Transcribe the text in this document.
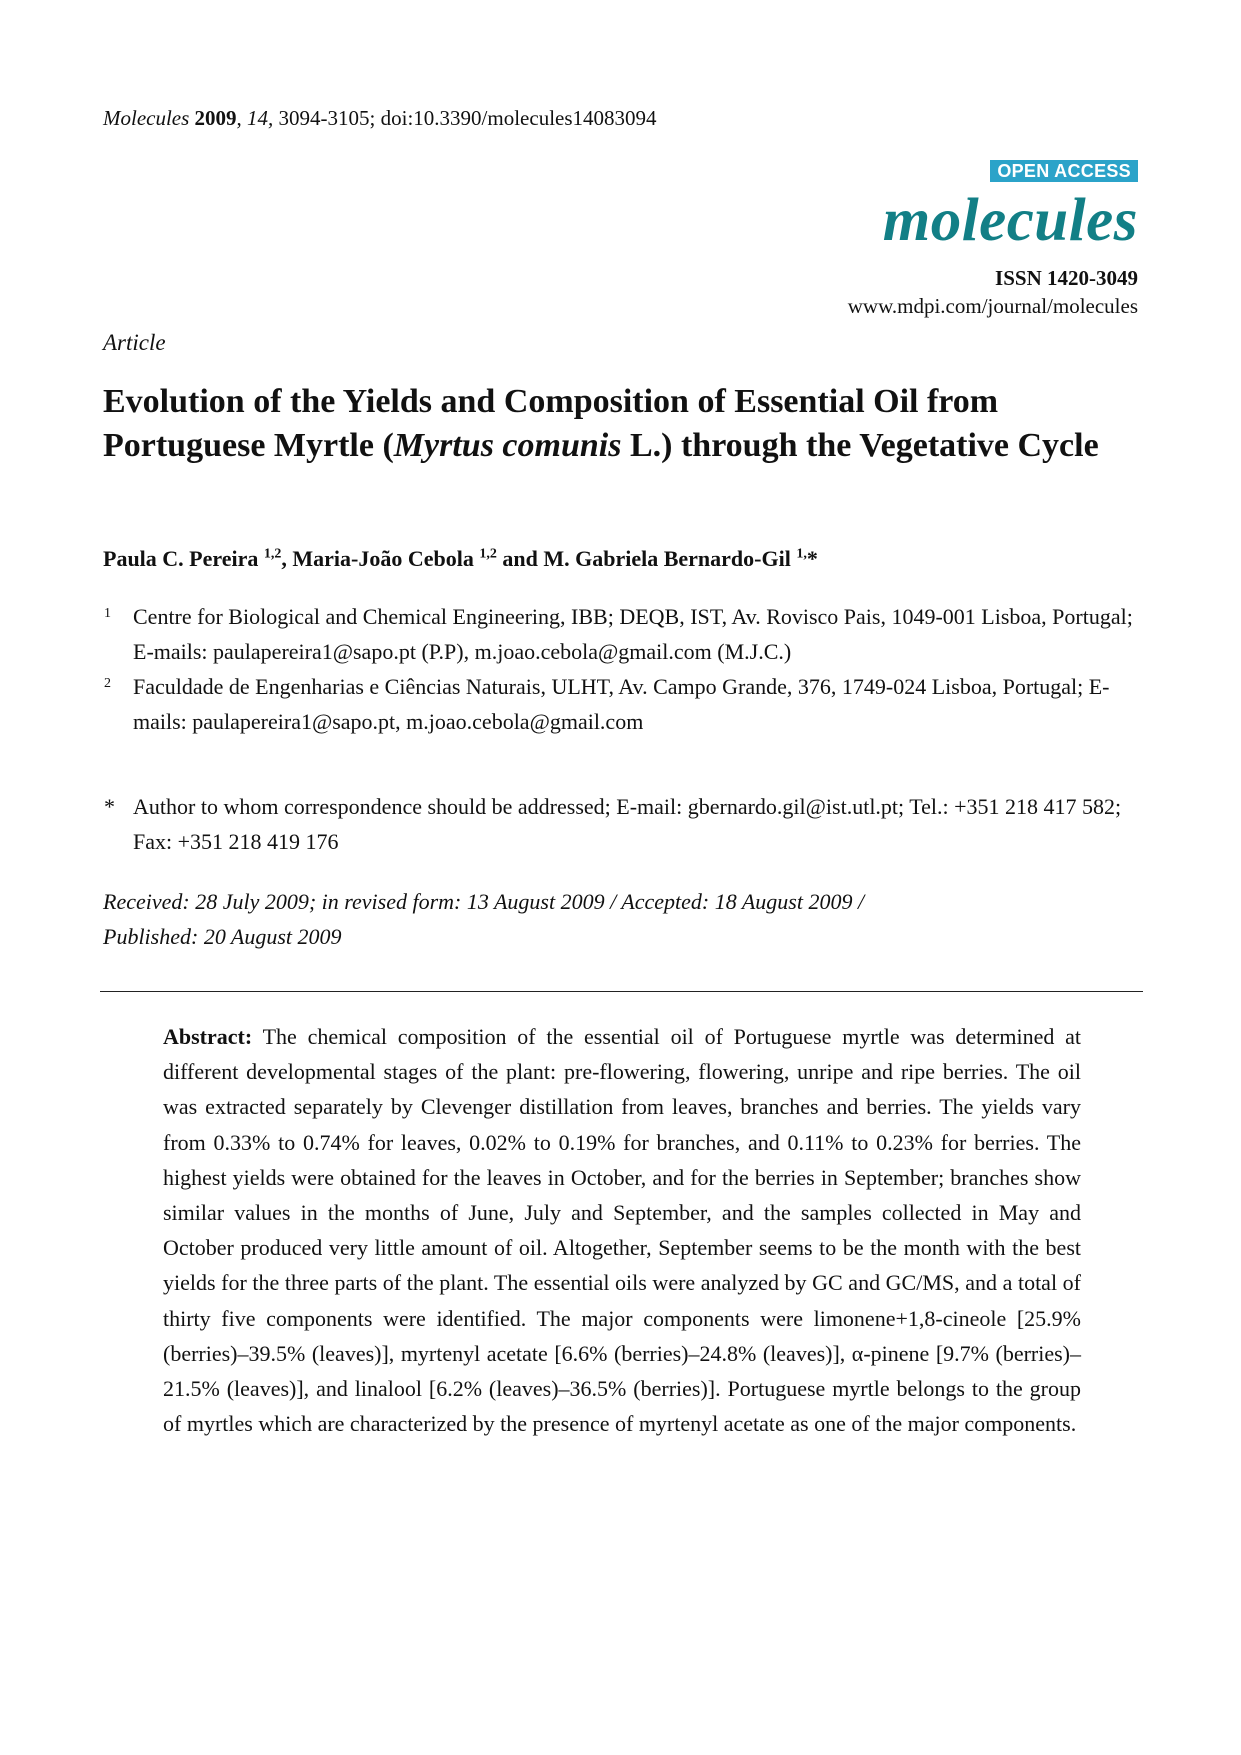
Molecules 2009, 14, 3094-3105; doi:10.3390/molecules14083094
OPEN ACCESS
molecules
ISSN 1420-3049
www.mdpi.com/journal/molecules
Article
Evolution of the Yields and Composition of Essential Oil from Portuguese Myrtle (Myrtus comunis L.) through the Vegetative Cycle
Paula C. Pereira $^{1,2}$, Maria-João Cebola $^{1,2}$ and M. Gabriela Bernardo-Gil $^{1,}$*
1 Centre for Biological and Chemical Engineering, IBB; DEQB, IST, Av. Rovisco Pais, 1049-001 Lisboa, Portugal; E-mails: paulapereira1@sapo.pt (P.P), m.joao.cebola@gmail.com (M.J.C.)
2 Faculdade de Engenharias e Ciências Naturais, ULHT, Av. Campo Grande, 376, 1749-024 Lisboa, Portugal; E-mails: paulapereira1@sapo.pt, m.joao.cebola@gmail.com
* Author to whom correspondence should be addressed; E-mail: gbernardo.gil@ist.utl.pt; Tel.: +351 218 417 582; Fax: +351 218 419 176
Received: 28 July 2009; in revised form: 13 August 2009 / Accepted: 18 August 2009 /
Published: 20 August 2009

Abstract: The chemical composition of the essential oil of Portuguese myrtle was determined at different developmental stages of the plant: pre-flowering, flowering, unripe and ripe berries. The oil was extracted separately by Clevenger distillation from leaves, branches and berries. The yields vary from 0.33% to 0.74% for leaves, 0.02% to 0.19% for branches, and 0.11% to 0.23% for berries. The highest yields were obtained for the leaves in October, and for the berries in September; branches show similar values in the months of June, July and September, and the samples collected in May and October produced very little amount of oil. Altogether, September seems to be the month with the best yields for the three parts of the plant. The essential oils were analyzed by GC and GC/MS, and a total of thirty five components were identified. The major components were limonene+1,8-cineole [25.9% (berries)–39.5% (leaves)], myrtenyl acetate [6.6% (berries)–24.8% (leaves)], α-pinene [9.7% (berries)–21.5% (leaves)], and linalool [6.2% (leaves)–36.5% (berries)]. Portuguese myrtle belongs to the group of myrtles which are characterized by the presence of myrtenyl acetate as one of the major components.
